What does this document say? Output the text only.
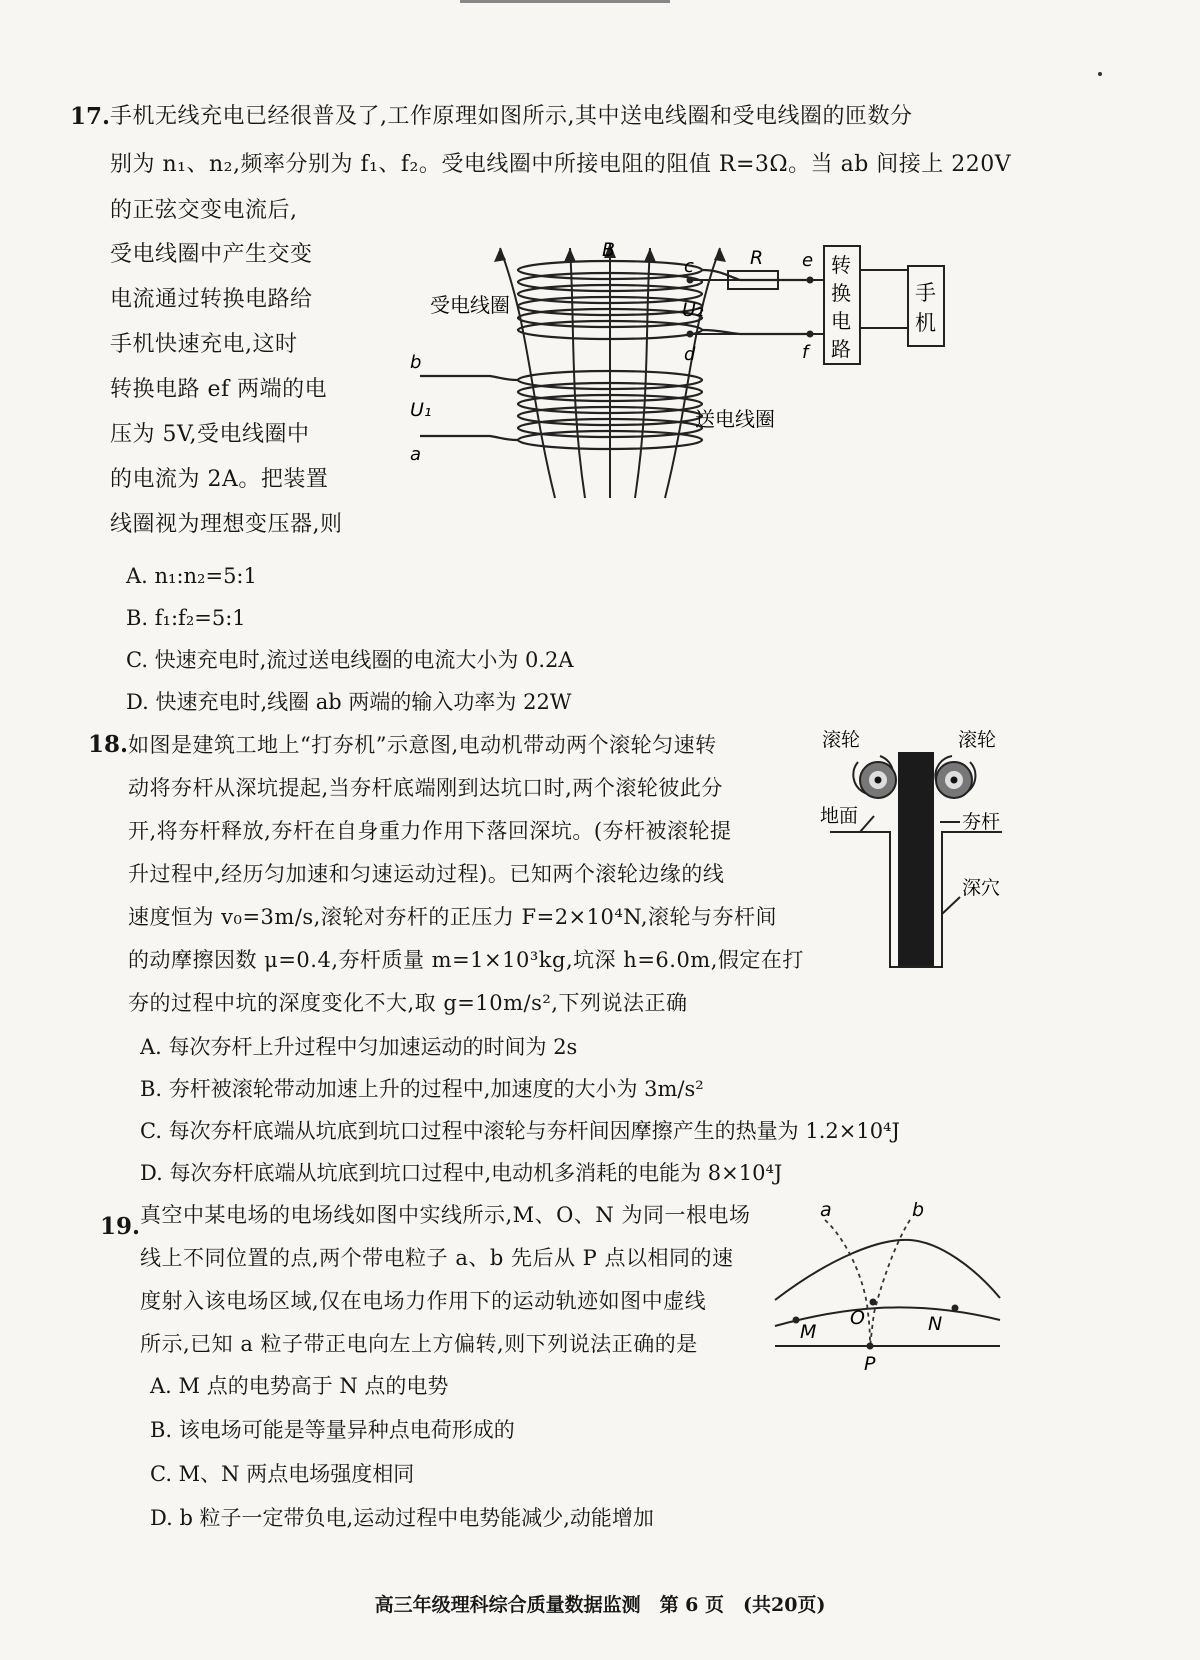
17. 手机无线充电已经很普及了,工作原理如图所示,其中送电线圈和受电线圈的匝数分
别为 n₁、n₂,频率分别为 f₁、f₂。受电线圈中所接电阻的阻值 R=3Ω。当 ab 间接上 220V
的正弦交变电流后,
受电线圈中产生交变
电流通过转换电路给
手机快速充电,这时
转换电路 ef 两端的电
压为 5V,受电线圈中
的电流为 2A。把装置
线圈视为理想变压器,则
B	R
c
d
e
f
U₂
b
U₁
a
受电线圈
送电线圈
转
换
电
路
手
机
A. n₁:n₂=5:1
B. f₁:f₂=5:1
C. 快速充电时,流过送电线圈的电流大小为 0.2A
D. 快速充电时,线圈 ab 两端的输入功率为 22W
18. 如图是建筑工地上“打夯机”示意图,电动机带动两个滚轮匀速转
动将夯杆从深坑提起,当夯杆底端刚到达坑口时,两个滚轮彼此分
开,将夯杆释放,夯杆在自身重力作用下落回深坑。(夯杆被滚轮提
升过程中,经历匀加速和匀速运动过程)。已知两个滚轮边缘的线
速度恒为 v₀=3m/s,滚轮对夯杆的正压力 F=2×10⁴N,滚轮与夯杆间
的动摩擦因数 μ=0.4,夯杆质量 m=1×10³kg,坑深 h=6.0m,假定在打
夯的过程中坑的深度变化不大,取 g=10m/s²,下列说法正确
滚轮	滚轮
地面	夯杆
深穴
A. 每次夯杆上升过程中匀加速运动的时间为 2s
B. 夯杆被滚轮带动加速上升的过程中,加速度的大小为 3m/s²
C. 每次夯杆底端从坑底到坑口过程中滚轮与夯杆间因摩擦产生的热量为 1.2×10⁴J
D. 每次夯杆底端从坑底到坑口过程中,电动机多消耗的电能为 8×10⁴J
19. 真空中某电场的电场线如图中实线所示,M、O、N 为同一根电场
线上不同位置的点,两个带电粒子 a、b 先后从 P 点以相同的速
度射入该电场区域,仅在电场力作用下的运动轨迹如图中虚线
所示,已知 a 粒子带正电向左上方偏转,则下列说法正确的是
a	b
M
O	N
P
A. M 点的电势高于 N 点的电势
B. 该电场可能是等量异种点电荷形成的
C. M、N 两点电场强度相同
D. b 粒子一定带负电,运动过程中电势能减少,动能增加
高三年级理科综合质量数据监测　第 6 页　(共20页)
